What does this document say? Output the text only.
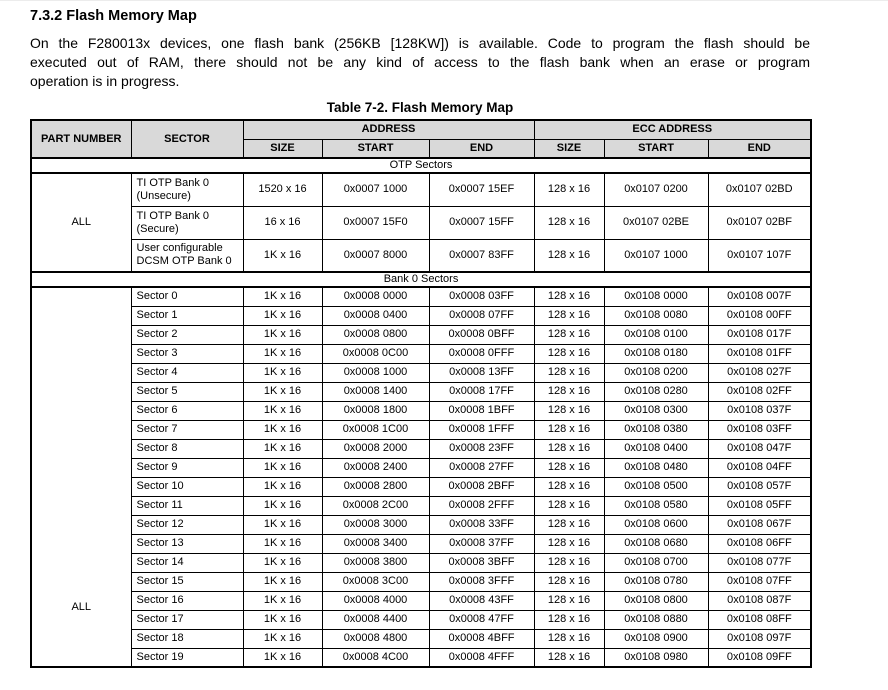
7.3.2 Flash Memory Map
On the F280013x devices, one flash bank (256KB [128KW]) is available. Code to program the flash should be
executed out of RAM, there should not be any kind of access to the flash bank when an erase or program
operation is in progress.
Table 7-2. Flash Memory Map
PART NUMBER	SECTOR	ADDRESS			ECC ADDRESS		
		SIZE	START	END	SIZE	START	END
OTP Sectors							
ALL	TI OTP Bank 0 (Unsecure)	1520 x 16	0x0007 1000	0x0007 15EF	128 x 16	0x0107 0200	0x0107 02BD
	TI OTP Bank 0 (Secure)	16 x 16	0x0007 15F0	0x0007 15FF	128 x 16	0x0107 02BE	0x0107 02BF
	User configurable DCSM OTP Bank 0	1K x 16	0x0007 8000	0x0007 83FF	128 x 16	0x0107 1000	0x0107 107F
Bank 0 Sectors							

ALL	Sector 0	1K x 16	0x0008 0000	0x0008 03FF	128 x 16	0x0108 0000	0x0108 007F
	Sector 1	1K x 16	0x0008 0400	0x0008 07FF	128 x 16	0x0108 0080	0x0108 00FF
	Sector 2	1K x 16	0x0008 0800	0x0008 0BFF	128 x 16	0x0108 0100	0x0108 017F
	Sector 3	1K x 16	0x0008 0C00	0x0008 0FFF	128 x 16	0x0108 0180	0x0108 01FF
	Sector 4	1K x 16	0x0008 1000	0x0008 13FF	128 x 16	0x0108 0200	0x0108 027F
	Sector 5	1K x 16	0x0008 1400	0x0008 17FF	128 x 16	0x0108 0280	0x0108 02FF
	Sector 6	1K x 16	0x0008 1800	0x0008 1BFF	128 x 16	0x0108 0300	0x0108 037F
	Sector 7	1K x 16	0x0008 1C00	0x0008 1FFF	128 x 16	0x0108 0380	0x0108 03FF
	Sector 8	1K x 16	0x0008 2000	0x0008 23FF	128 x 16	0x0108 0400	0x0108 047F
	Sector 9	1K x 16	0x0008 2400	0x0008 27FF	128 x 16	0x0108 0480	0x0108 04FF
	Sector 10	1K x 16	0x0008 2800	0x0008 2BFF	128 x 16	0x0108 0500	0x0108 057F
	Sector 11	1K x 16	0x0008 2C00	0x0008 2FFF	128 x 16	0x0108 0580	0x0108 05FF
	Sector 12	1K x 16	0x0008 3000	0x0008 33FF	128 x 16	0x0108 0600	0x0108 067F
	Sector 13	1K x 16	0x0008 3400	0x0008 37FF	128 x 16	0x0108 0680	0x0108 06FF
	Sector 14	1K x 16	0x0008 3800	0x0008 3BFF	128 x 16	0x0108 0700	0x0108 077F
	Sector 15	1K x 16	0x0008 3C00	0x0008 3FFF	128 x 16	0x0108 0780	0x0108 07FF
	Sector 16	1K x 16	0x0008 4000	0x0008 43FF	128 x 16	0x0108 0800	0x0108 087F
	Sector 17	1K x 16	0x0008 4400	0x0008 47FF	128 x 16	0x0108 0880	0x0108 08FF
	Sector 18	1K x 16	0x0008 4800	0x0008 4BFF	128 x 16	0x0108 0900	0x0108 097F
	Sector 19	1K x 16	0x0008 4C00	0x0008 4FFF	128 x 16	0x0108 0980	0x0108 09FF
